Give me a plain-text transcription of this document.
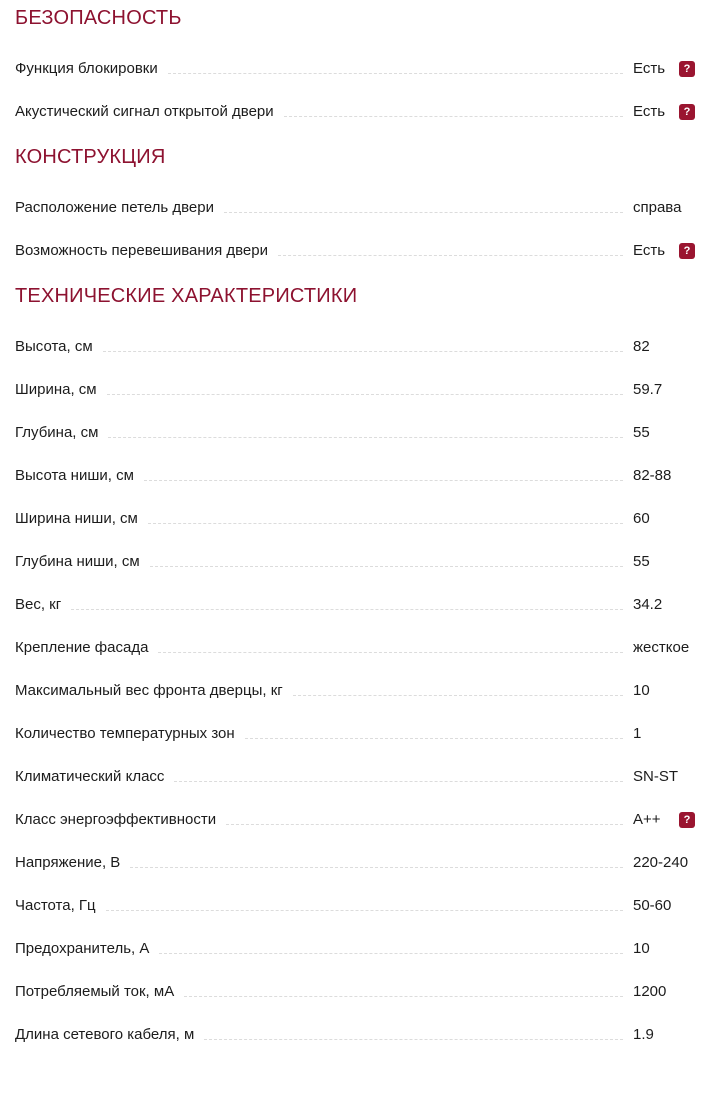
БЕЗОПАСНОСТЬ
Функция блокировки	Есть ?
Акустический сигнал открытой двери	Есть ?
КОНСТРУКЦИЯ
Расположение петель двери	справа
Возможность перевешивания двери	Есть ?
ТЕХНИЧЕСКИЕ ХАРАКТЕРИСТИКИ
Высота, см	82
Ширина, см	59.7
Глубина, см	55
Высота ниши, см	82-88
Ширина ниши, см	60
Глубина ниши, см	55
Вес, кг	34.2
Крепление фасада	жесткое
Максимальный вес фронта дверцы, кг	10
Количество температурных зон	1
Климатический класс	SN-ST
Класс энергоэффективности	A++ ?
Напряжение, В	220-240
Частота, Гц	50-60
Предохранитель, А	10
Потребляемый ток, мА	1200
Длина сетевого кабеля, м	1.9
